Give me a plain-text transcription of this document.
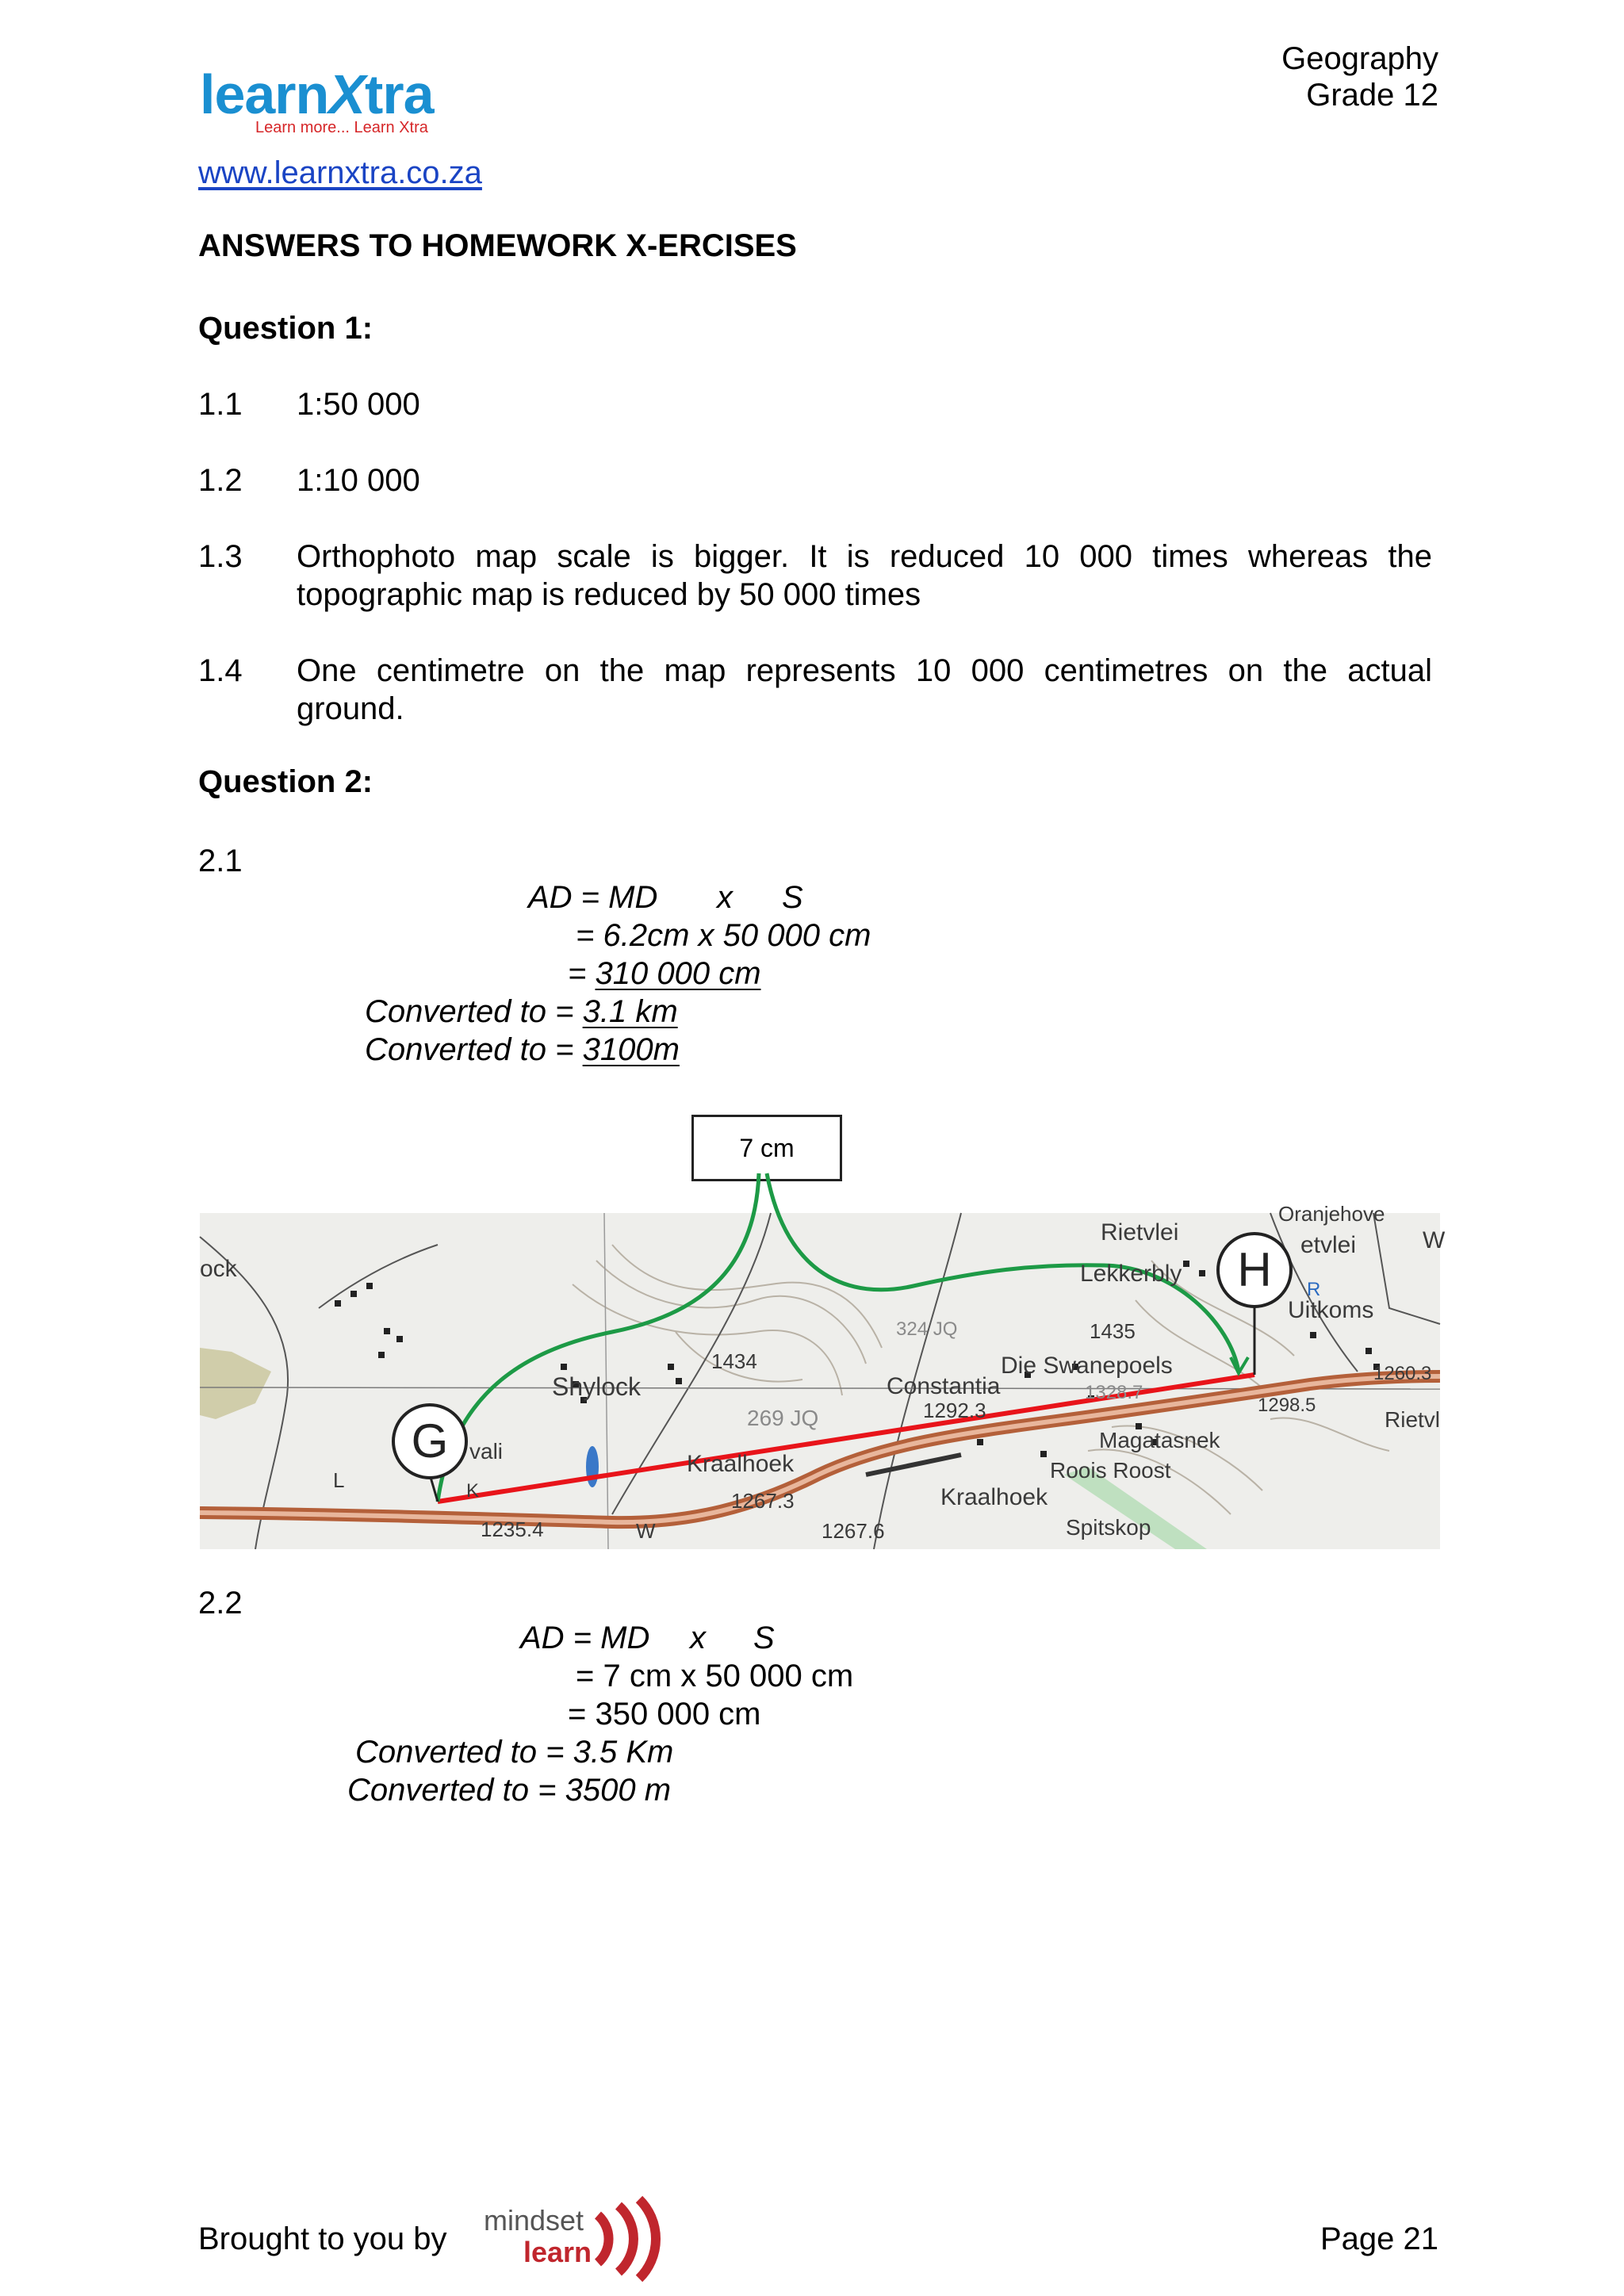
learnXtra
Learn more... Learn Xtra
www.learnxtra.co.za
Geography
Grade 12
ANSWERS TO HOMEWORK X-ERCISES
Question 1:
1.1 1:50 000
1.2 1:10 000
1.3 Orthophoto map scale is bigger. It is reduced 10 000 times whereas the
topographic map is reduced by 50 000 times
1.4 One centimetre on the map represents 10 000 centimetres on the actual
ground.
Question 2:
2.1
AD = MD x S
= 6.2cm x 50 000 cm
= 310 000 cm
Converted to = 3.1 km
Converted to = 3100m
7 cm
G
H
ock
Shylock
1434
269 JQ
Kraalhoek
1267.3
1235.4	W	1267.6
vali
K
L
324 JQ
Constantia
1292.3
Die Swanepoels
1435
1328.7
Magatasnek
Roois Roost
Kraalhoek
Spitskop
Rietvlei
Lekkerbly
Oranjehove
etvlei
Uitkoms
R
1298.5
1260.3
Rietvl
W
2.2
AD = MD x S
= 7 cm x 50 000 cm
= 350 000 cm
Converted to = 3.5 Km
Converted to = 3500 m
Brought to you by
mindset
learn	Page 21
